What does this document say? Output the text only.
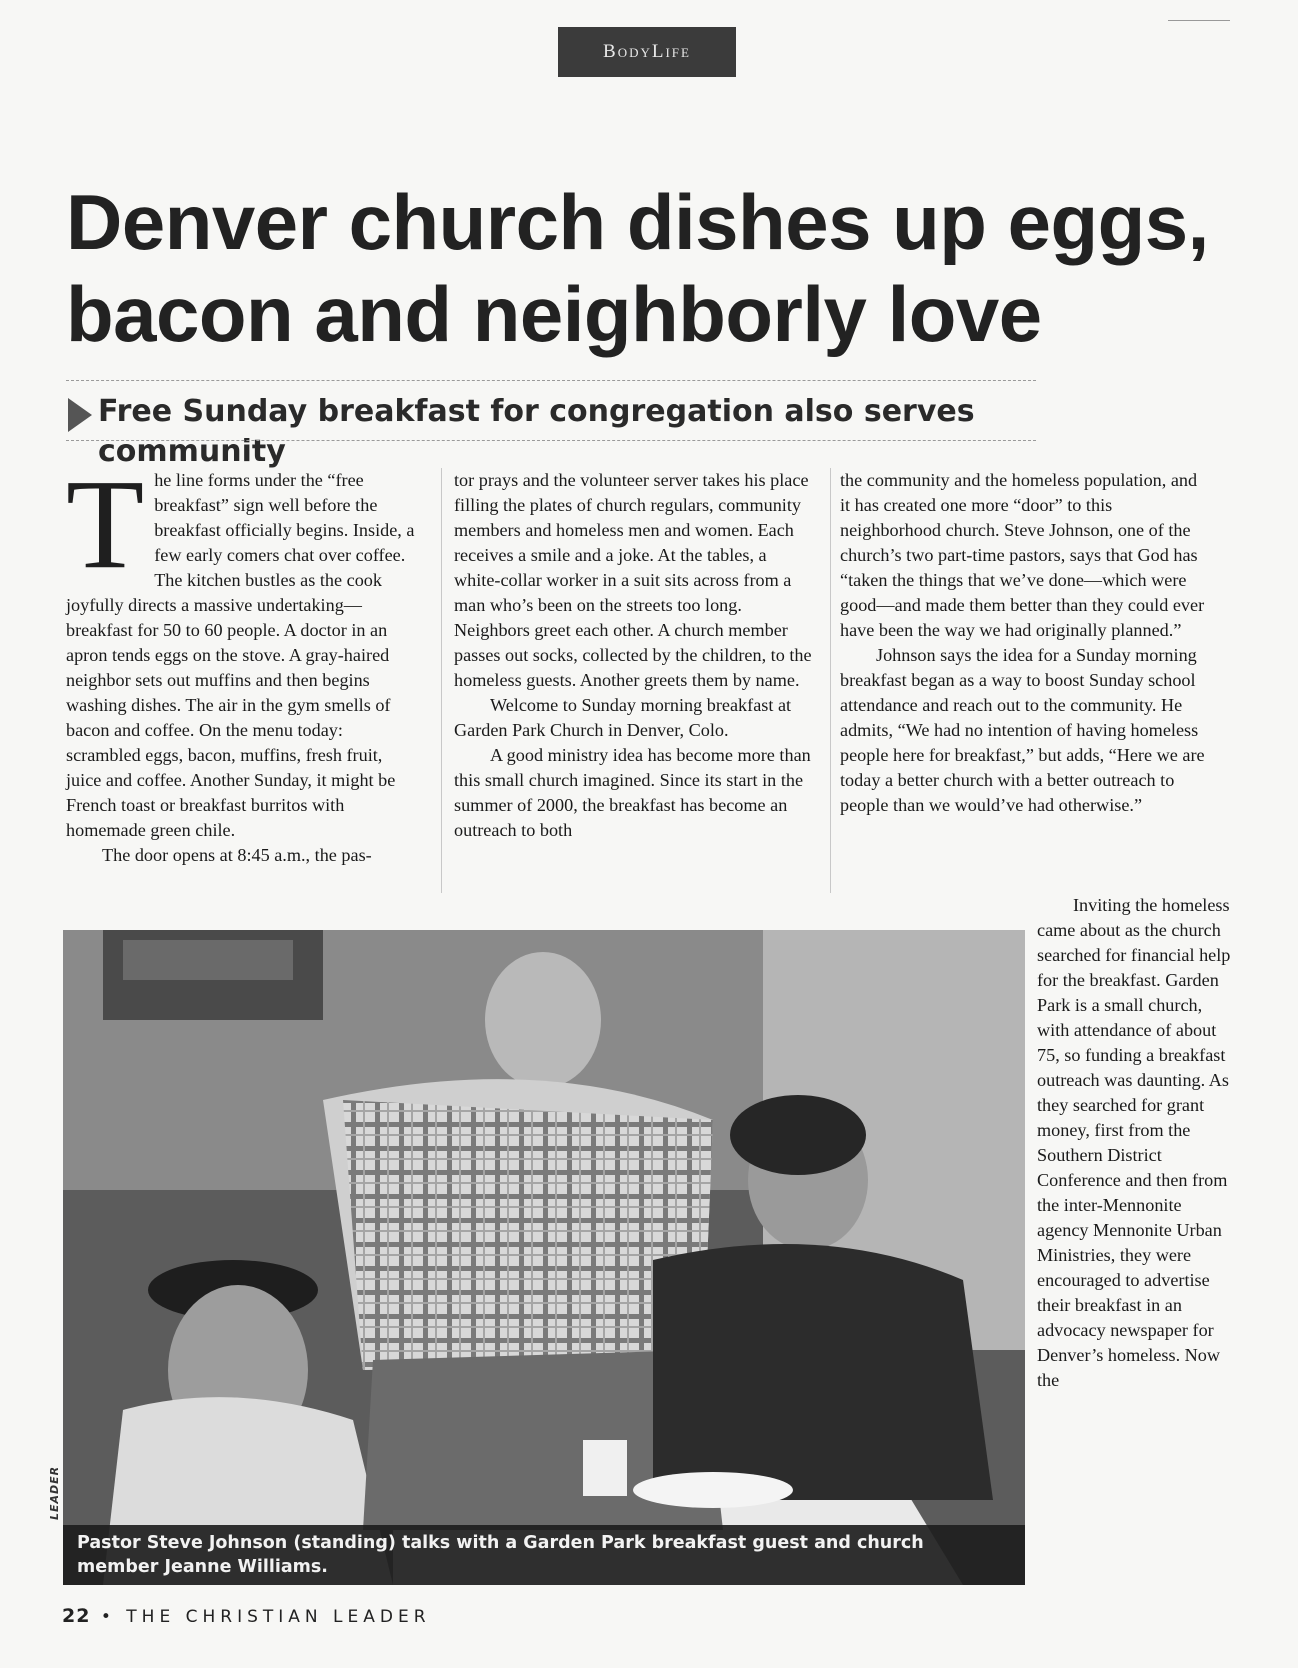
BodyLife
Denver church dishes up eggs, bacon and neighborly love
Free Sunday breakfast for congregation also serves community

T he line forms under the “free breakfast” sign well before the breakfast officially begins. Inside, a few early comers chat over coffee. The kitchen bustles as the cook joyfully directs a massive undertaking—breakfast for 50 to 60 people. A doctor in an apron tends eggs on the stove. A gray-haired neighbor sets out muffins and then begins washing dishes. The air in the gym smells of bacon and coffee. On the menu today: scrambled eggs, bacon, muffins, fresh fruit, juice and coffee. Another Sunday, it might be French toast or breakfast burritos with homemade green chile.

The door opens at 8:45 a.m., the pas-

tor prays and the volunteer server takes his place filling the plates of church regulars, community members and homeless men and women. Each receives a smile and a joke. At the tables, a white-collar worker in a suit sits across from a man who’s been on the streets too long. Neighbors greet each other. A church member passes out socks, collected by the children, to the homeless guests. Another greets them by name.

Welcome to Sunday morning breakfast at Garden Park Church in Denver, Colo.

A good ministry idea has become more than this small church imagined. Since its start in the summer of 2000, the breakfast has become an outreach to both

the community and the homeless population, and it has created one more “door” to this neighborhood church. Steve Johnson, one of the church’s two part-time pastors, says that God has “taken the things that we’ve done—which were good—and made them better than they could ever have been the way we had originally planned.”

Johnson says the idea for a Sunday morning breakfast began as a way to boost Sunday school attendance and reach out to the community. He admits, “We had no intention of having homeless people here for breakfast,” but adds, “Here we are today a better church with a better outreach to people than we would’ve had otherwise.”

Inviting the homeless came about as the church searched for financial help for the breakfast. Garden Park is a small church, with attendance of about 75, so funding a breakfast outreach was daunting. As they searched for grant money, first from the Southern District Conference and then from the inter-Mennonite agency Mennonite Urban Ministries, they were encouraged to advertise their breakfast in an advocacy newspaper for Denver’s homeless. Now the

Pastor Steve Johnson (standing) talks with a Garden Park breakfast guest and church member Jeanne Williams.
LEADER
22 • THE CHRISTIAN LEADER
